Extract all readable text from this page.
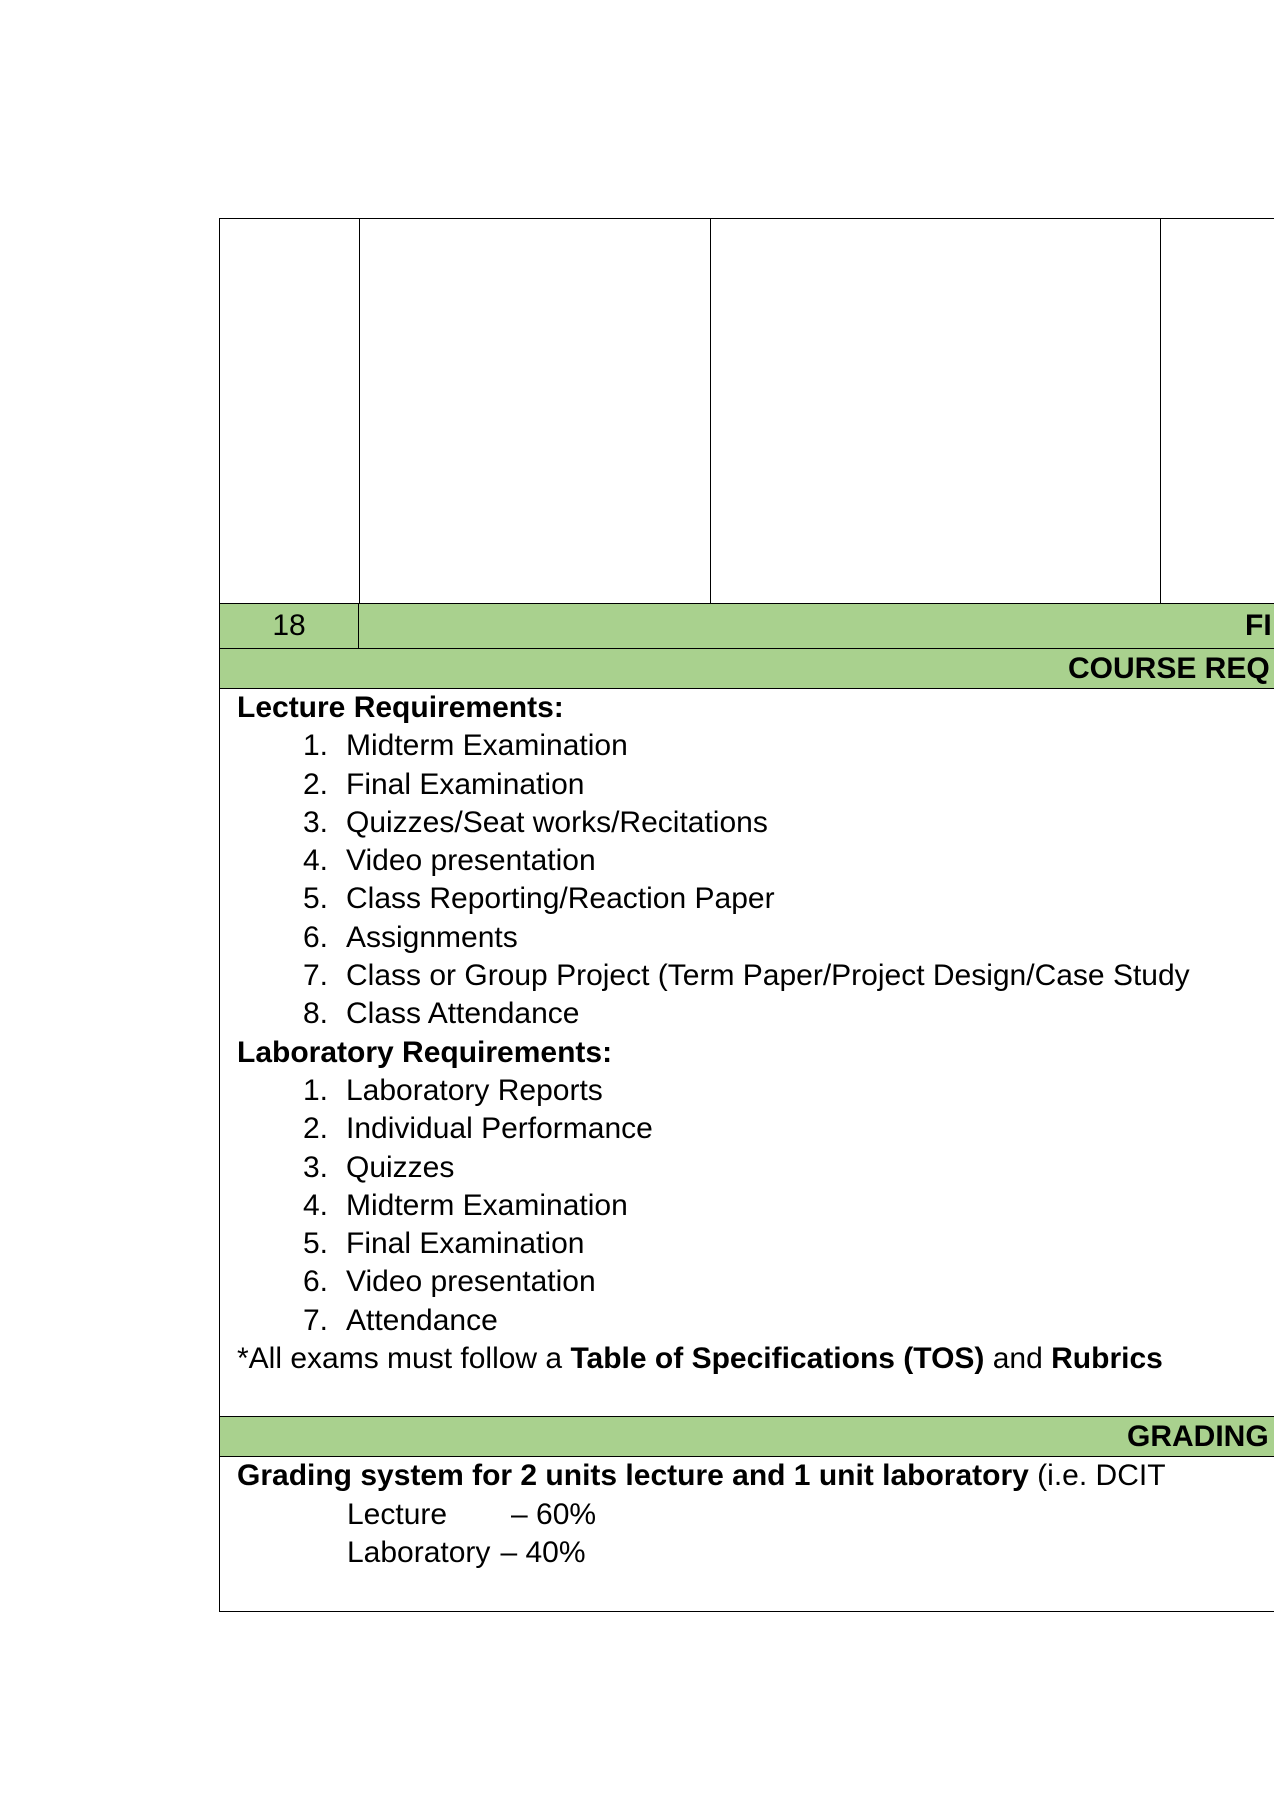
18	FI
COURSE REQ
Lecture Requirements:
1. Midterm Examination
2. Final Examination
3. Quizzes/Seat works/Recitations
4. Video presentation
5. Class Reporting/Reaction Paper
6. Assignments
7. Class or Group Project (Term Paper/Project Design/Case Study
8. Class Attendance
Laboratory Requirements:
1. Laboratory Reports
2. Individual Performance
3. Quizzes
4. Midterm Examination
5. Final Examination
6. Video presentation
7. Attendance
*All exams must follow a Table of Specifications (TOS) and Rubrics
GRADING
Grading system for 2 units lecture and 1 unit laboratory (i.e. DCIT
Lecture	– 60%
Laboratory – 40%
